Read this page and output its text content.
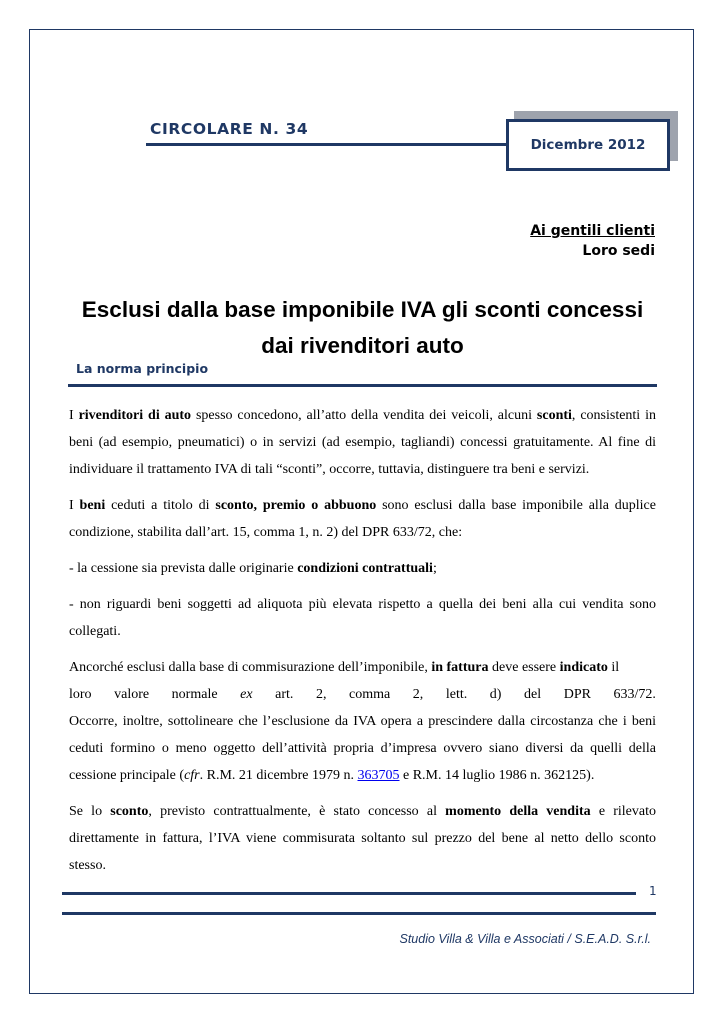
CIRCOLARE N. 34
Dicembre 2012
Ai gentili clienti
Loro sedi
Esclusi dalla base imponibile IVA gli sconti concessi
dai rivenditori auto
La norma principio

I rivenditori di auto spesso concedono, all’atto della vendita dei veicoli, alcuni sconti, consistenti in beni (ad esempio, pneumatici) o in servizi (ad esempio, tagliandi) concessi gratuitamente. Al fine di individuare il trattamento IVA di tali “sconti”, occorre, tuttavia, distinguere tra beni e servizi.

I beni ceduti a titolo di sconto, premio o abbuono sono esclusi dalla base imponibile alla duplice condizione, stabilita dall’art. 15, comma 1, n. 2) del DPR 633/72, che:

- la cessione sia prevista dalle originarie condizioni contrattuali;

- non riguardi beni soggetti ad aliquota più elevata rispetto a quella dei beni alla cui vendita sono collegati.

Ancorché esclusi dalla base di commisurazione dell’imponibile, in fattura deve essere indicato il
loro valore normale ex art. 2, comma 2, lett. d) del DPR 633/72.
Occorre, inoltre, sottolineare che l’esclusione da IVA opera a prescindere dalla circostanza che i beni ceduti formino o meno oggetto dell’attività propria d’impresa ovvero siano diversi da quelli della cessione principale (cfr. R.M. 21 dicembre 1979 n. 363705 e R.M. 14 luglio 1986 n. 362125).

Se lo sconto, previsto contrattualmente, è stato concesso al momento della vendita e rilevato direttamente in fattura, l’IVA viene commisurata soltanto sul prezzo del bene al netto dello sconto stesso.

1
Studio Villa & Villa e Associati / S.E.A.D. S.r.l.
